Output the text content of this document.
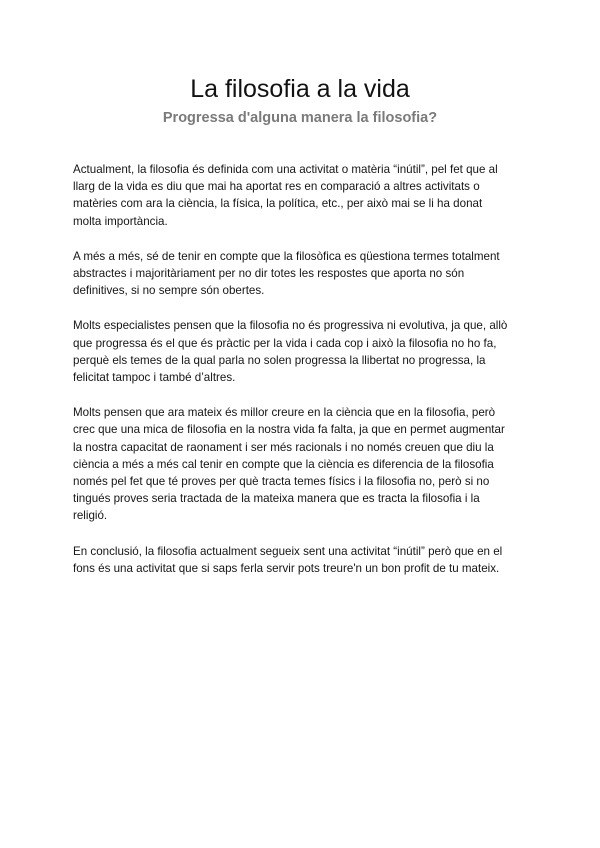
La filosofia a la vida
Progressa d'alguna manera la filosofia?

Actualment, la filosofia és definida com una activitat o matèria “inútil”, pel fet que al
llarg de la vida es diu que mai ha aportat res en comparació a altres activitats o
matèries com ara la ciència, la física, la política, etc., per això mai se li ha donat
molta importància.

A més a més, sé de tenir en compte que la filosòfica es qüestiona termes totalment
abstractes i majoritàriament per no dir totes les respostes que aporta no són
definitives, si no sempre són obertes.

Molts especialistes pensen que la filosofia no és progressiva ni evolutiva, ja que, allò
que progressa és el que és pràctic per la vida i cada cop i això la filosofia no ho fa,
perquè els temes de la qual parla no solen progressa la llibertat no progressa, la
felicitat tampoc i també d’altres.

Molts pensen que ara mateix és millor creure en la ciència que en la filosofia, però
crec que una mica de filosofia en la nostra vida fa falta, ja que en permet augmentar
la nostra capacitat de raonament i ser més racionals i no només creuen que diu la
ciència a més a més cal tenir en compte que la ciència es diferencia de la filosofia
només pel fet que té proves per què tracta temes físics i la filosofia no, però si no
tingués proves seria tractada de la mateixa manera que es tracta la filosofia i la
religió.

En conclusió, la filosofia actualment segueix sent una activitat “inútil” però que en el
fons és una activitat que si saps ferla servir pots treure'n un bon profit de tu mateix.
